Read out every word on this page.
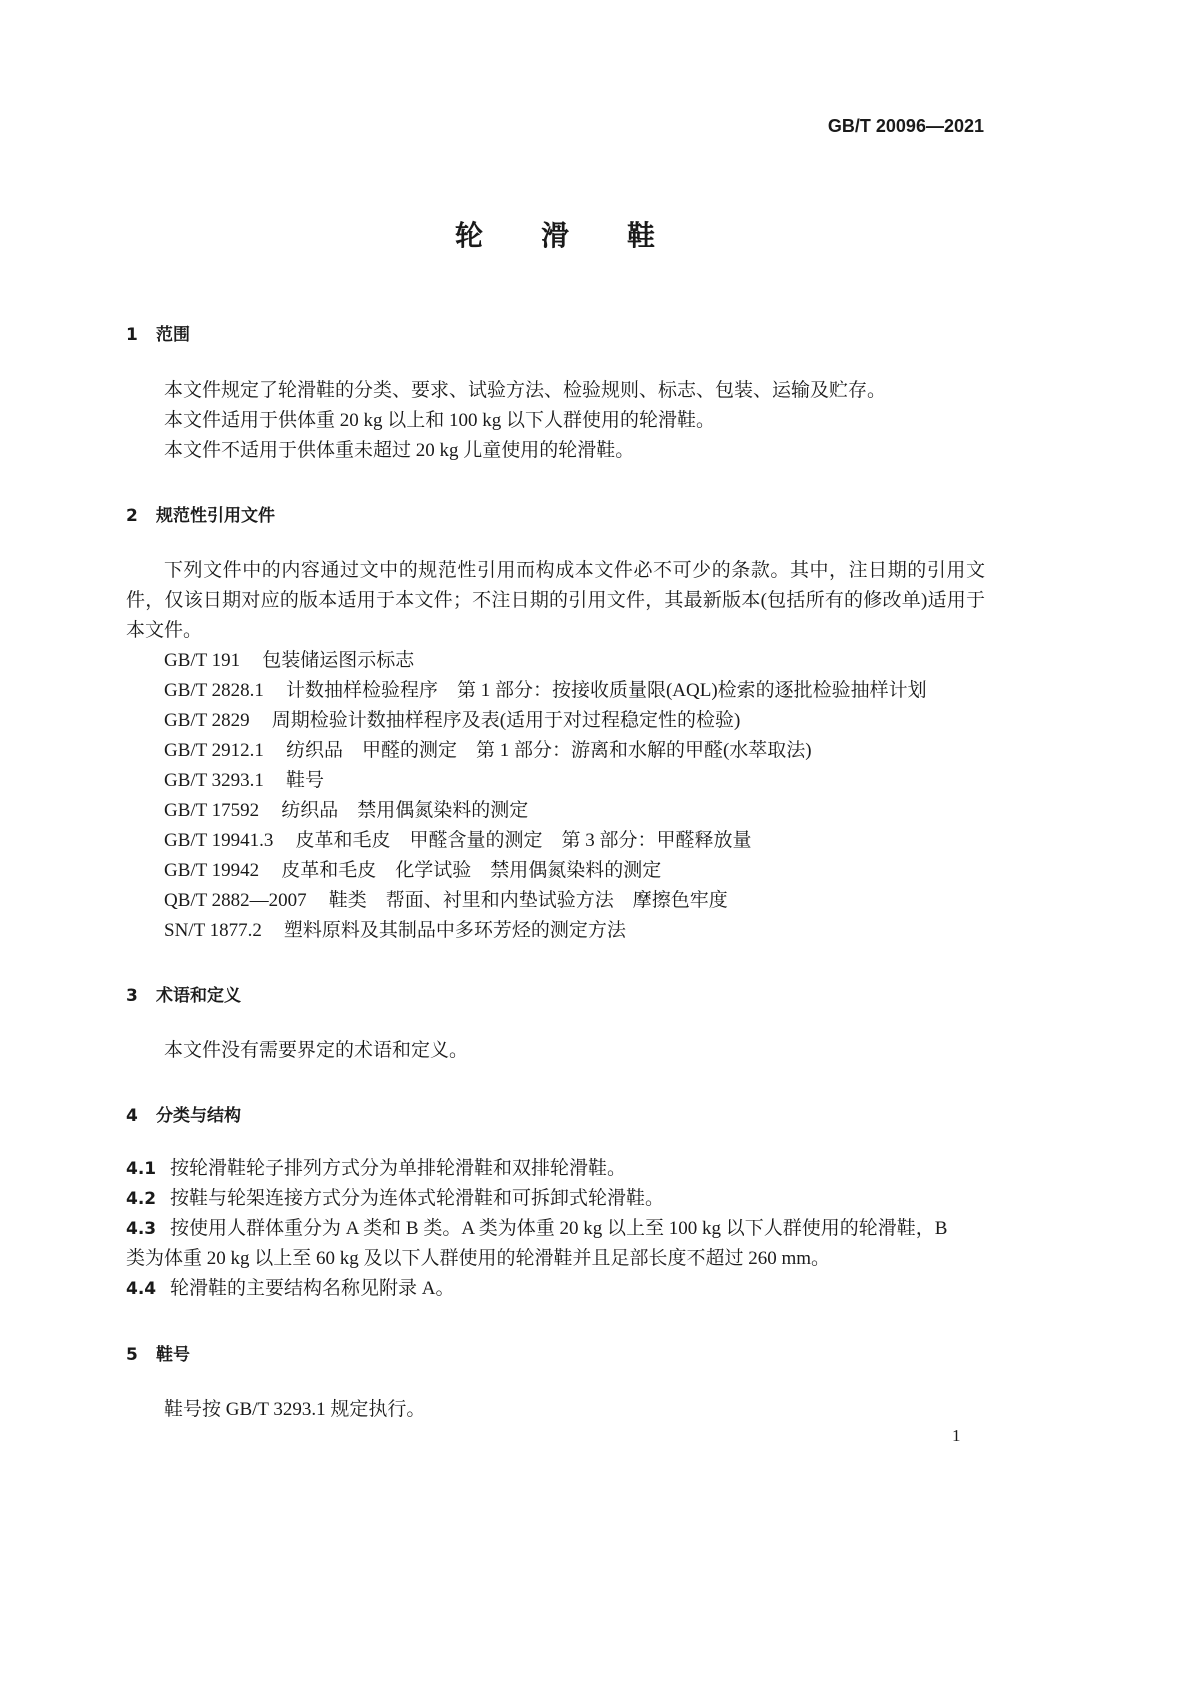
GB/T 20096—2021
轮滑鞋
1 范围
本文件规定了轮滑鞋的分类、要求、试验方法、检验规则、标志、包装、运输及贮存。
本文件适用于供体重 20 kg 以上和 100 kg 以下人群使用的轮滑鞋。
本文件不适用于供体重未超过 20 kg 儿童使用的轮滑鞋。
2 规范性引用文件
下列文件中的内容通过文中的规范性引用而构成本文件必不可少的条款。其中，注日期的引用文
件，仅该日期对应的版本适用于本文件；不注日期的引用文件，其最新版本(包括所有的修改单)适用于
本文件。
GB/T 191 包装储运图示标志
GB/T 2828.1 计数抽样检验程序　第 1 部分：按接收质量限(AQL)检索的逐批检验抽样计划
GB/T 2829 周期检验计数抽样程序及表(适用于对过程稳定性的检验)
GB/T 2912.1 纺织品　甲醛的测定　第 1 部分：游离和水解的甲醛(水萃取法)
GB/T 3293.1 鞋号
GB/T 17592 纺织品　禁用偶氮染料的测定
GB/T 19941.3 皮革和毛皮　甲醛含量的测定　第 3 部分：甲醛释放量
GB/T 19942 皮革和毛皮　化学试验　禁用偶氮染料的测定
QB/T 2882—2007 鞋类　帮面、衬里和内垫试验方法　摩擦色牢度
SN/T 1877.2 塑料原料及其制品中多环芳烃的测定方法
3 术语和定义
本文件没有需要界定的术语和定义。
4 分类与结构
4.1 按轮滑鞋轮子排列方式分为单排轮滑鞋和双排轮滑鞋。
4.2 按鞋与轮架连接方式分为连体式轮滑鞋和可拆卸式轮滑鞋。
4.3 按使用人群体重分为 A 类和 B 类。A 类为体重 20 kg 以上至 100 kg 以下人群使用的轮滑鞋，B
类为体重 20 kg 以上至 60 kg 及以下人群使用的轮滑鞋并且足部长度不超过 260 mm。
4.4 轮滑鞋的主要结构名称见附录 A。
5 鞋号
鞋号按 GB/T 3293.1 规定执行。
1
